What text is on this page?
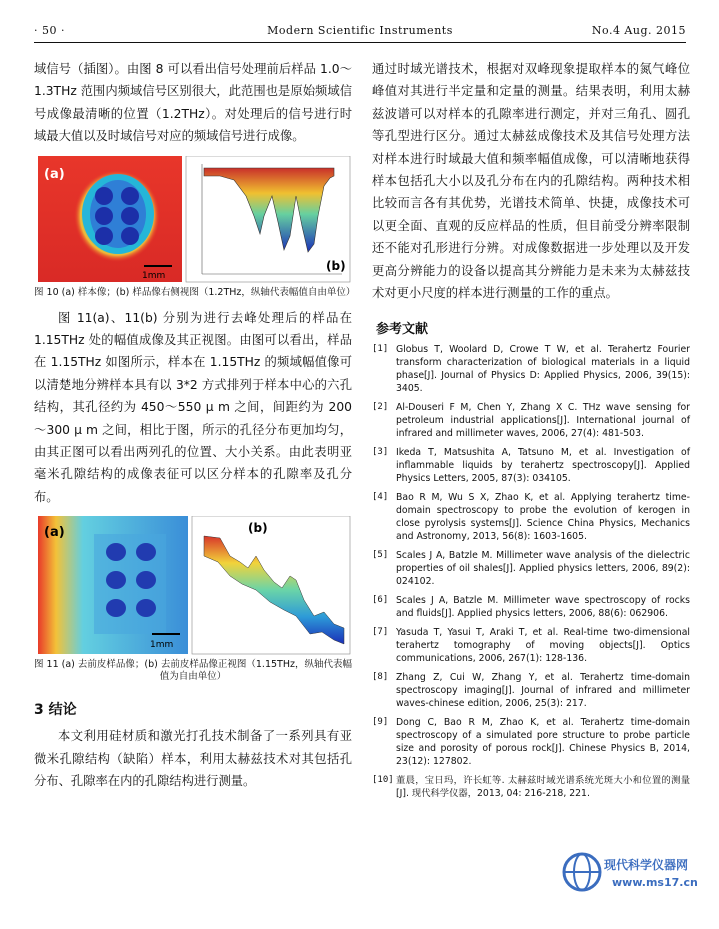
· 50 ·	Modern Scientific Instruments	No.4 Aug. 2015

域信号（插图）。由图 8 可以看出信号处理前后样品 1.0～1.3THz 范围内频域信号区别很大，此范围也是原始频域信号成像最清晰的位置（1.2THz）。对处理后的信号进行时域最大值以及时域信号对应的频域信号进行成像。

(a)
1mm
(b)

图 10 (a) 样本像；(b) 样品像右侧视图（1.2THz，纵轴代表幅值自由单位）

图 11(a)、11(b) 分别为进行去峰处理后的样品在 1.15THz 处的幅值成像及其正视图。由图可以看出，样品在 1.15THz 如图所示，样本在 1.15THz 的频域幅值像可以清楚地分辨样本具有以 3*2 方式排列于样本中心的六孔结构，其孔径约为 450～550 μ m 之间，间距约为 200～300 μ m 之间，相比于图，所示的孔径分布更加均匀，由其正图可以看出两列孔的位置、大小关系。由此表明亚毫米孔隙结构的成像表征可以区分样本的孔隙率及孔分布。

(a)
1mm
(b)

图 11 (a) 去前皮样品像；(b) 去前皮样品像正视图（1.15THz，纵轴代表幅值为自由单位）

3 结论

本文利用硅材质和激光打孔技术制备了一系列具有亚微米孔隙结构（缺陷）样本，利用太赫兹技术对其包括孔分布、孔隙率在内的孔隙结构进行测量。

通过时域光谱技术，根据对双峰现象提取样本的氮气峰位峰值对其进行半定量和定量的测量。结果表明，利用太赫兹波谱可以对样本的孔隙率进行测定，并对三角孔、圆孔等孔型进行区分。通过太赫兹成像技术及其信号处理方法对样本进行时域最大值和频率幅值成像，可以清晰地获得样本包括孔大小以及孔分布在内的孔隙结构。两种技术相比较而言各有其优势，光谱技术简单、快捷，成像技术可以更全面、直观的反应样品的性质，但目前受分辨率限制还不能对孔形进行分辨。对成像数据进一步处理以及开发更高分辨能力的设备以提高其分辨能力是未来为太赫兹技术对更小尺度的样本进行测量的工作的重点。

参考文献
[1] Globus T, Woolard D, Crowe T W, et al. Terahertz Fourier transform characterization of biological materials in a liquid phase[J]. Journal of Physics D: Applied Physics, 2006, 39(15): 3405.
[2] Al-Douseri F M, Chen Y, Zhang X C. THz wave sensing for petroleum industrial applications[J]. International journal of infrared and millimeter waves, 2006, 27(4): 481-503.
[3] Ikeda T, Matsushita A, Tatsuno M, et al. Investigation of inflammable liquids by terahertz spectroscopy[J]. Applied Physics Letters, 2005, 87(3): 034105.
[4] Bao R M, Wu S X, Zhao K, et al. Applying terahertz time-domain spectroscopy to probe the evolution of kerogen in close pyrolysis systems[J]. Science China Physics, Mechanics and Astronomy, 2013, 56(8): 1603-1605.
[5] Scales J A, Batzle M. Millimeter wave analysis of the dielectric properties of oil shales[J]. Applied physics letters, 2006, 89(2): 024102.
[6] Scales J A, Batzle M. Millimeter wave spectroscopy of rocks and fluids[J]. Applied physics letters, 2006, 88(6): 062906.
[7] Yasuda T, Yasui T, Araki T, et al. Real-time two-dimensional terahertz tomography of moving objects[J]. Optics communications, 2006, 267(1): 128-136.
[8] Zhang Z, Cui W, Zhang Y, et al. Terahertz time-domain spectroscopy imaging[J]. Journal of infrared and millimeter waves-chinese edition, 2006, 25(3): 217.
[9] Dong C, Bao R M, Zhao K, et al. Terahertz time-domain spectroscopy of a simulated pore structure to probe particle size and porosity of porous rock[J]. Chinese Physics B, 2014, 23(12): 127802.
[10] 董晨，宝日玛，许长虹等. 太赫兹时域光谱系统光斑大小和位置的测量[J]. 现代科学仪器，2013, 04: 216-218, 221.
现代科学仪器网
www.ms17.cn
